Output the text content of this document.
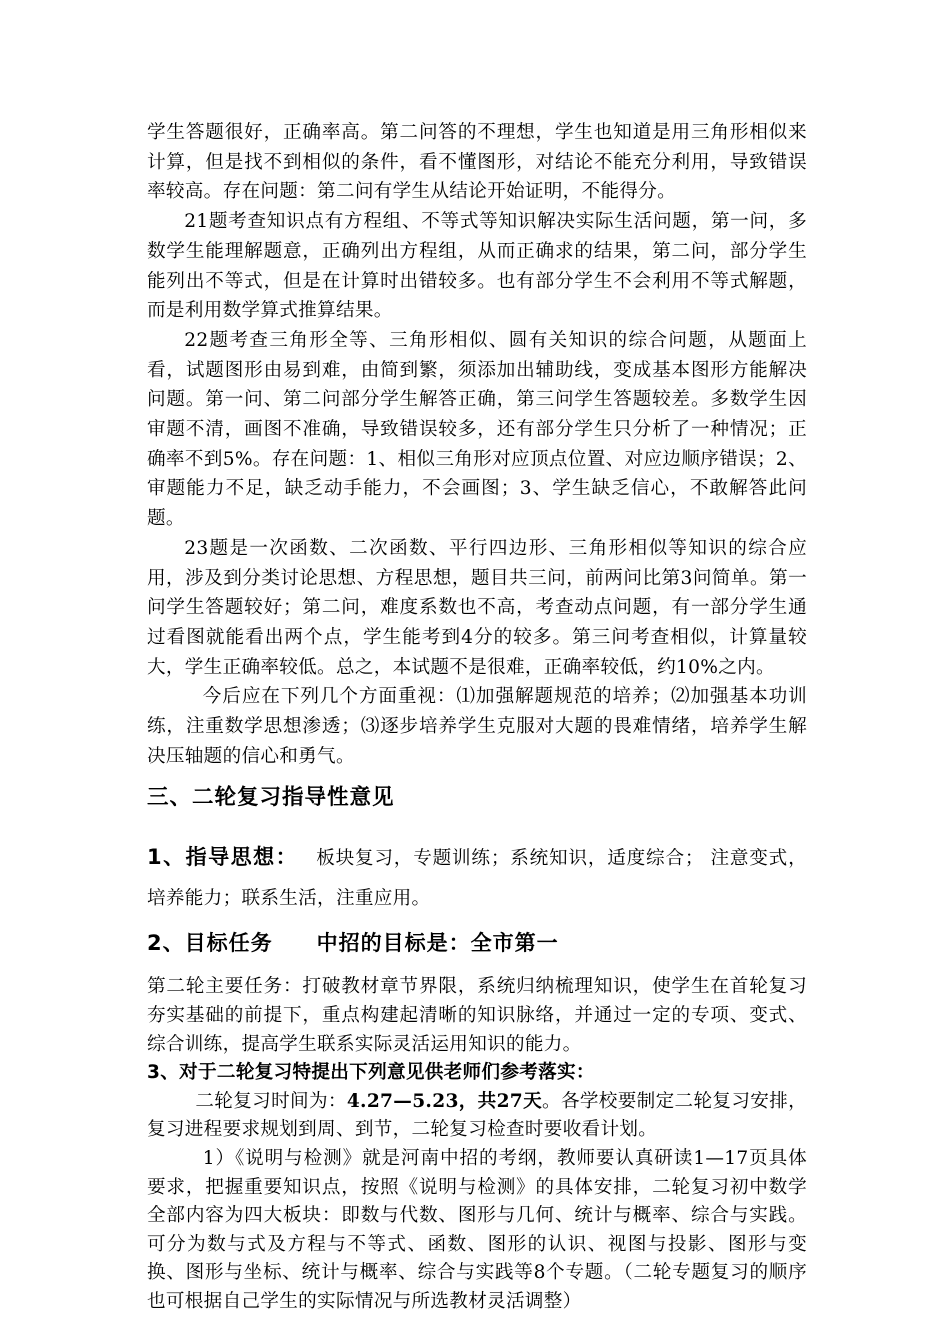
学生答题很好，正确率高。第二问答的不理想，学生也知道是用三角形相似来计算，但是找不到相似的条件，看不懂图形，对结论不能充分利用，导致错误率较高。存在问题：第二问有学生从结论开始证明，不能得分。

21题考查知识点有方程组、不等式等知识解决实际生活问题，第一问，多数学生能理解题意，正确列出方程组，从而正确求的结果，第二问，部分学生能列出不等式，但是在计算时出错较多。也有部分学生不会利用不等式解题，而是利用数学算式推算结果。

22题考查三角形全等、三角形相似、圆有关知识的综合问题，从题面上看，试题图形由易到难，由简到繁，须添加出辅助线，变成基本图形方能解决问题。第一问、第二问部分学生解答正确，第三问学生答题较差。多数学生因审题不清，画图不准确，导致错误较多，还有部分学生只分析了一种情况；正确率不到5%。存在问题：1、相似三角形对应顶点位置、对应边顺序错误；2、审题能力不足，缺乏动手能力，不会画图；3、学生缺乏信心，不敢解答此问题。

23题是一次函数、二次函数、平行四边形、三角形相似等知识的综合应用，涉及到分类讨论思想、方程思想，题目共三问，前两问比第3问简单。第一问学生答题较好；第二问，难度系数也不高，考查动点问题，有一部分学生通过看图就能看出两个点，学生能考到4分的较多。第三问考查相似，计算量较大，学生正确率较低。总之，本试题不是很难，正确率较低，约10%之内。

今后应在下列几个方面重视：⑴加强解题规范的培养；⑵加强基本功训练，注重数学思想渗透；⑶逐步培养学生克服对大题的畏难情绪，培养学生解决压轴题的信心和勇气。

三、二轮复习指导性意见

1、指导思想： 板块复习，专题训练；系统知识，适度综合； 注意变式，培养能力；联系生活，注重应用。

2、目标任务 中招的目标是：全市第一

第二轮主要任务：打破教材章节界限，系统归纳梳理知识，使学生在首轮复习夯实基础的前提下，重点构建起清晰的知识脉络，并通过一定的专项、变式、综合训练，提高学生联系实际灵活运用知识的能力。

3、对于二轮复习特提出下列意见供老师们参考落实：

二轮复习时间为：4.27—5.23，共27天。各学校要制定二轮复习安排，复习进程要求规划到周、到节，二轮复习检查时要收看计划。

1）《说明与检测》就是河南中招的考纲，教师要认真研读1—17页具体要求，把握重要知识点，按照《说明与检测》的具体安排，二轮复习初中数学全部内容为四大板块：即数与代数、图形与几何、统计与概率、综合与实践。可分为数与式及方程与不等式、函数、图形的认识、视图与投影、图形与变换、图形与坐标、统计与概率、综合与实践等8个专题。（二轮专题复习的顺序也可根据自己学生的实际情况与所选教材灵活调整）
